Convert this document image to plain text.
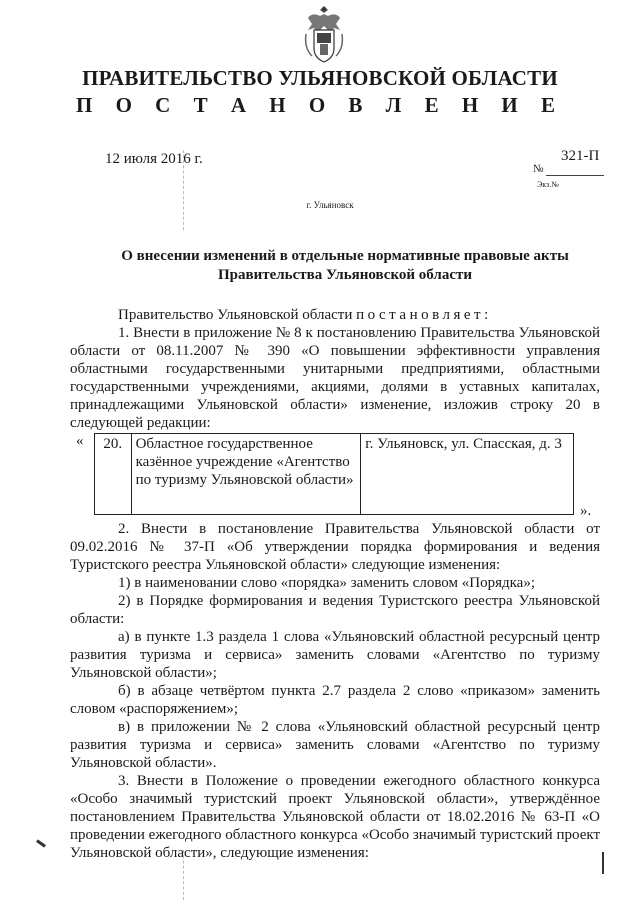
ПРАВИТЕЛЬСТВО УЛЬЯНОВСКОЙ ОБЛАСТИ
П О С Т А Н О В Л Е Н И Е
12 июля 2016 г.	321-П
№
Экз.№
г. Ульяновск
О внесении изменений в отдельные нормативные правовые акты
Правительства Ульяновской области

Правительство Ульяновской области постановляет:

1. Внести в приложение № 8 к постановлению Правительства Ульяновской области от 08.11.2007 № 390 «О повышении эффективности управления областными государственными унитарными предприятиями, областными государственными учреждениями, акциями, долями в уставных капиталах, принадлежащими Ульяновской области» изменение, изложив строку 20 в следующей редакции:

« 20.	Областное государственное казённое учреждение «Агентство по туризму Ульяновской области»	г. Ульяновск, ул. Спасская, д. 3
».

2. Внести в постановление Правительства Ульяновской области от 09.02.2016 № 37-П «Об утверждении порядка формирования и ведения Туристского реестра Ульяновской области» следующие изменения:

1) в наименовании слово «порядка» заменить словом «Порядка»;

2) в Порядке формирования и ведения Туристского реестра Ульяновской области:

а) в пункте 1.3 раздела 1 слова «Ульяновский областной ресурсный центр развития туризма и сервиса» заменить словами «Агентство по туризму Ульяновской области»;

б) в абзаце четвёртом пункта 2.7 раздела 2 слово «приказом» заменить словом «распоряжением»;

в) в приложении № 2 слова «Ульяновский областной ресурсный центр развития туризма и сервиса» заменить словами «Агентство по туризму Ульяновской области».

3. Внести в Положение о проведении ежегодного областного конкурса «Особо значимый туристский проект Ульяновской области», утверждённое постановлением Правительства Ульяновской области от 18.02.2016 № 63-П «О проведении ежегодного областного конкурса «Особо значимый туристский проект Ульяновской области», следующие изменения:
